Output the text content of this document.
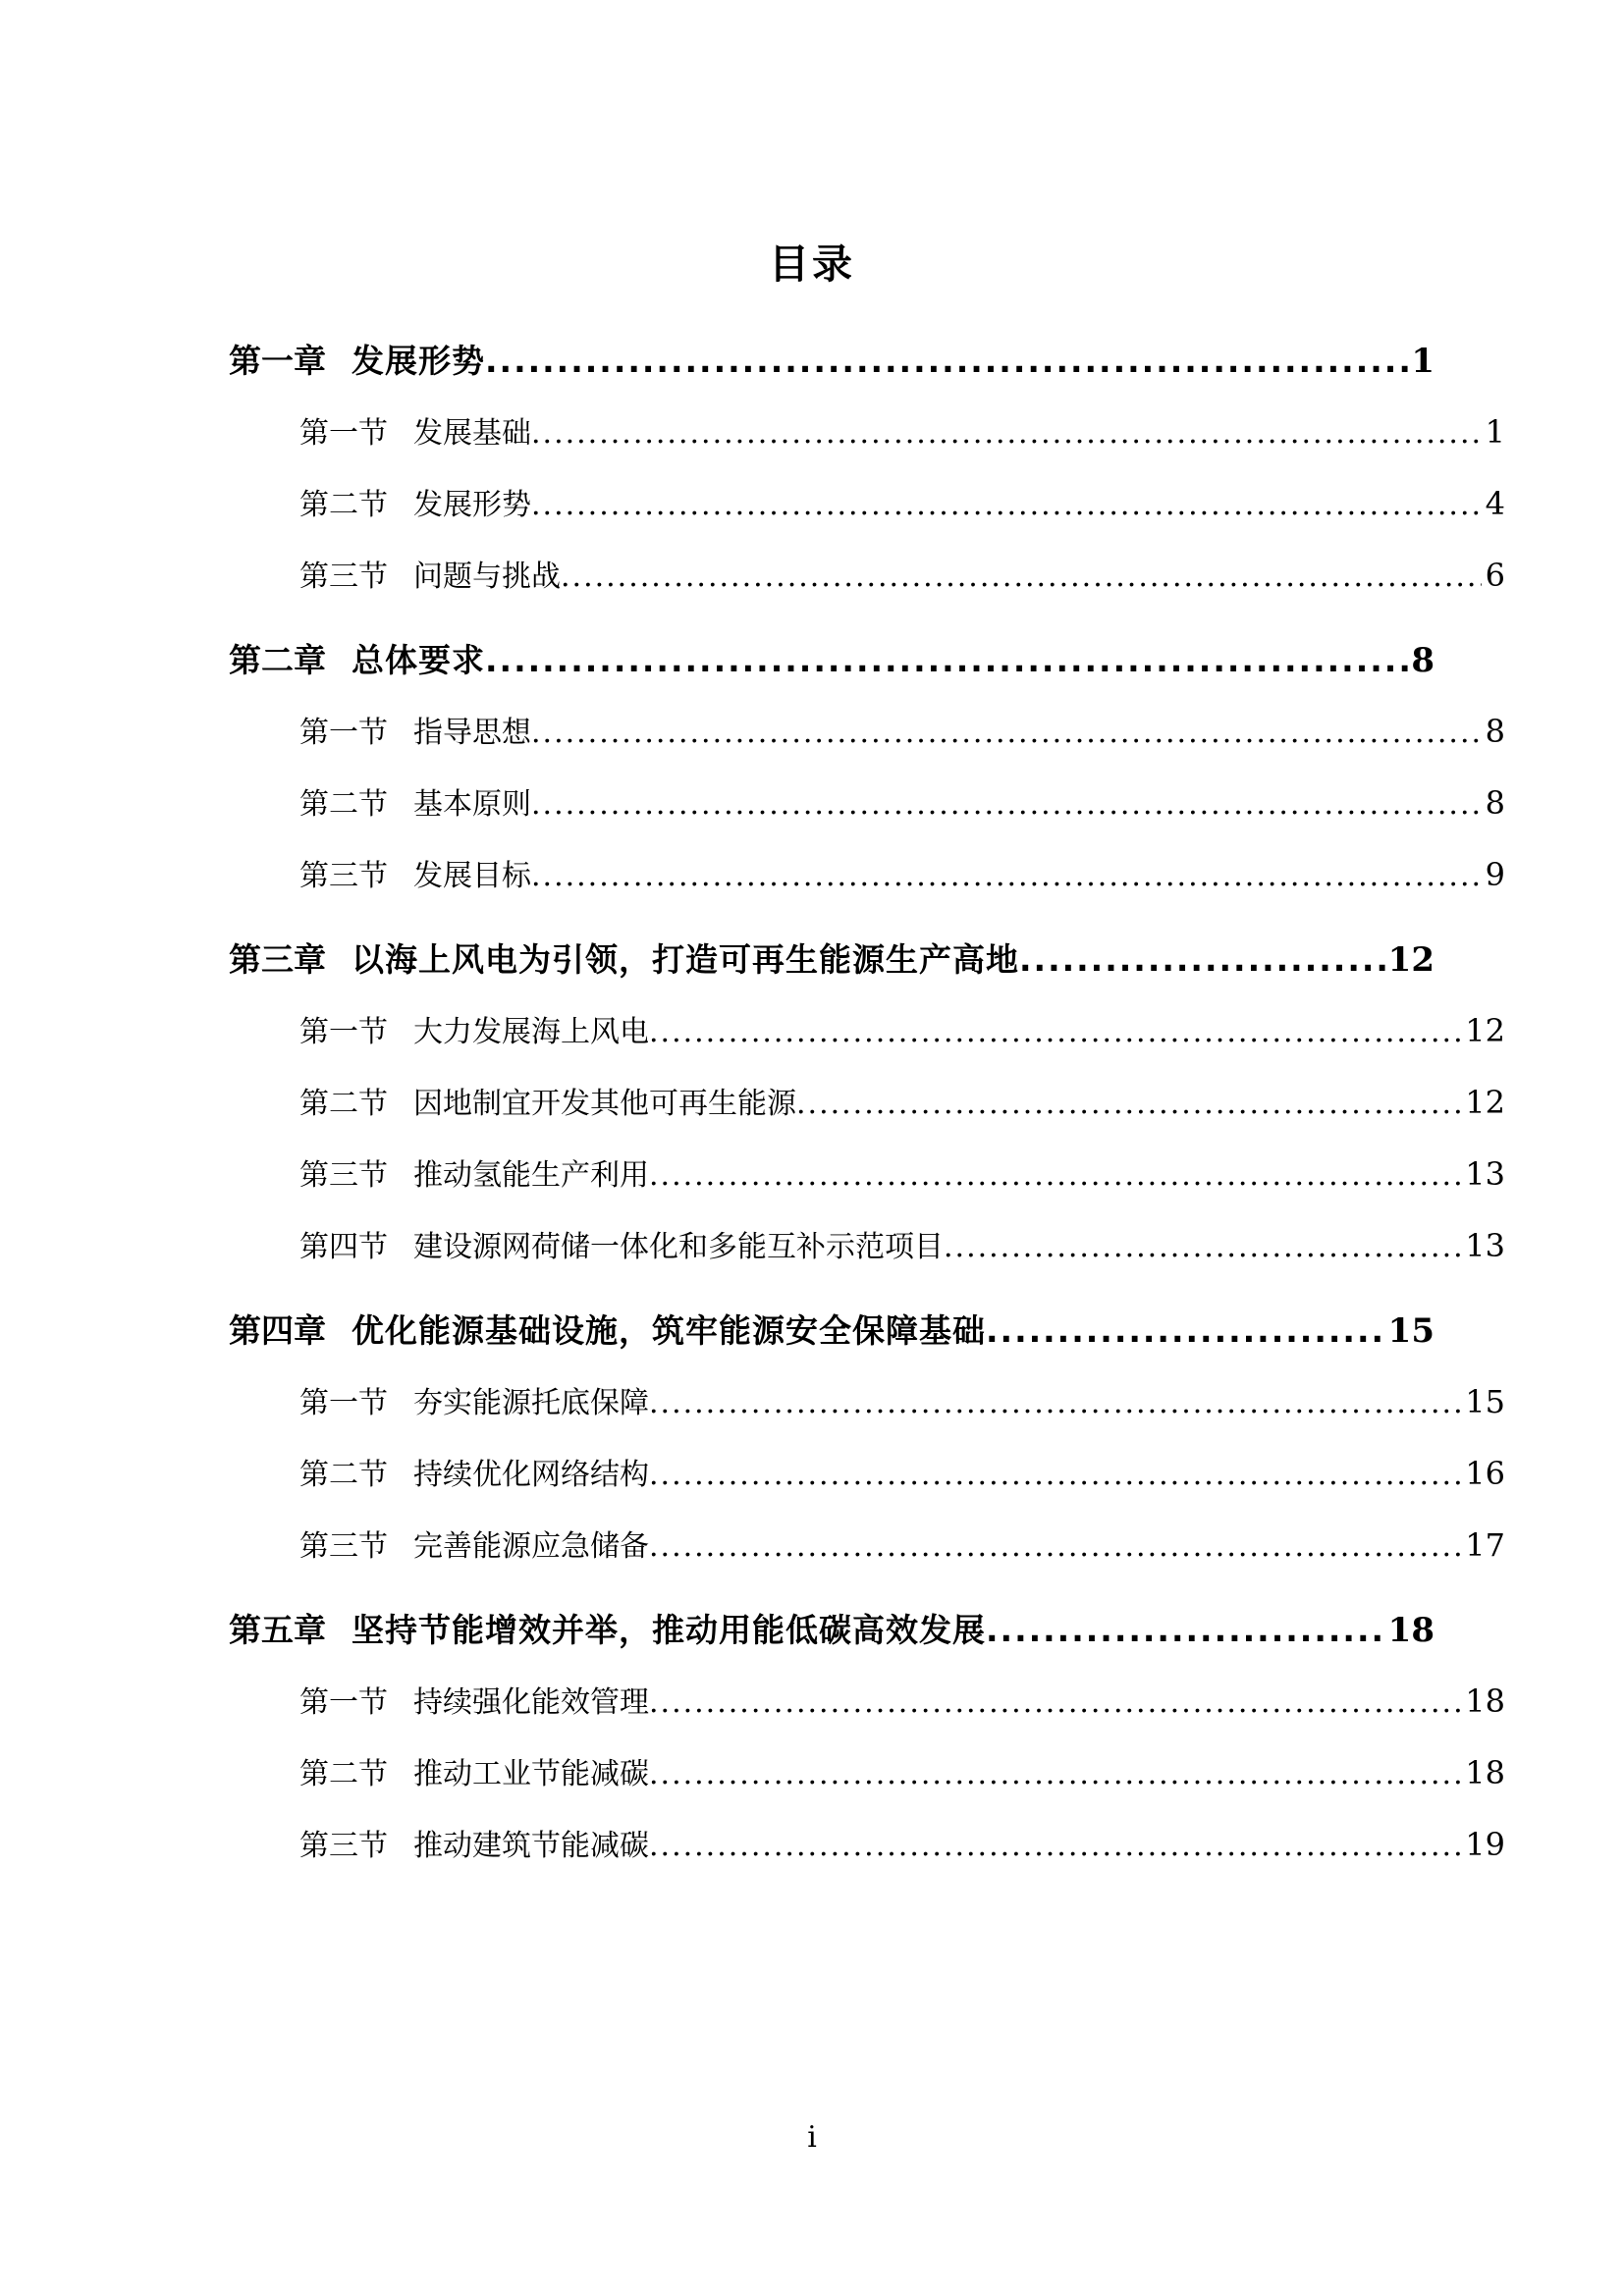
目录
第一章 发展形势 .....	1
第一节 发展基础 .....	1
第二节 发展形势 .....	4
第三节 问题与挑战 .....	6
第二章 总体要求 .....	8
第一节 指导思想 .....	8
第二节 基本原则 .....	8
第三节 发展目标 .....	9
第三章 以海上风电为引领，打造可再生能源生产高地 .....	12
第一节 大力发展海上风电 .....	12
第二节 因地制宜开发其他可再生能源 .....	12
第三节 推动氢能生产利用 .....	13
第四节 建设源网荷储一体化和多能互补示范项目 .....	13
第四章 优化能源基础设施，筑牢能源安全保障基础 .....	15
第一节 夯实能源托底保障 .....	15
第二节 持续优化网络结构 .....	16
第三节 完善能源应急储备 .....	17
第五章 坚持节能增效并举，推动用能低碳高效发展 .....	18
第一节 持续强化能效管理 .....	18
第二节 推动工业节能减碳 .....	18
第三节 推动建筑节能减碳 .....	19
i
